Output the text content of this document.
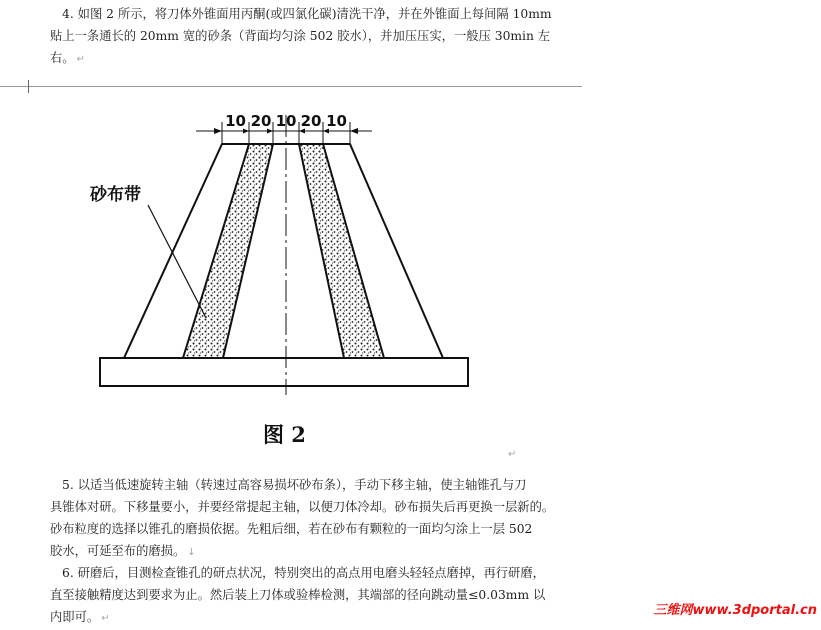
4. 如图 2 所示，将刀体外锥面用丙酮(或四氯化碳)清洗干净，并在外锥面上每间隔 10mm
贴上一条通长的 20mm 宽的砂条（背面均匀涂 502 胶水），并加压压实，一般压 30min 左
右。 ↵
10 20 10 20 10
砂布带
图 2
↵
5. 以适当低速旋转主轴（转速过高容易损坏砂布条），手动下移主轴，使主轴锥孔与刀
具锥体对研。下移量要小，并要经常提起主轴，以便刀体冷却。砂布损失后再更换一层新的。
砂布粒度的选择以锥孔的磨损依据。先粗后细，若在砂布有颗粒的一面均匀涂上一层 502
胶水，可延至布的磨损。 ↓
6. 研磨后，目测检查锥孔的研点状况，特别突出的高点用电磨头轻轻点磨掉，再行研磨，
直至接触精度达到要求为止。然后装上刀体或验棒检测，其端部的径向跳动量≤0.03mm 以
内即可。 ↵
三维网www.3dportal.cn
